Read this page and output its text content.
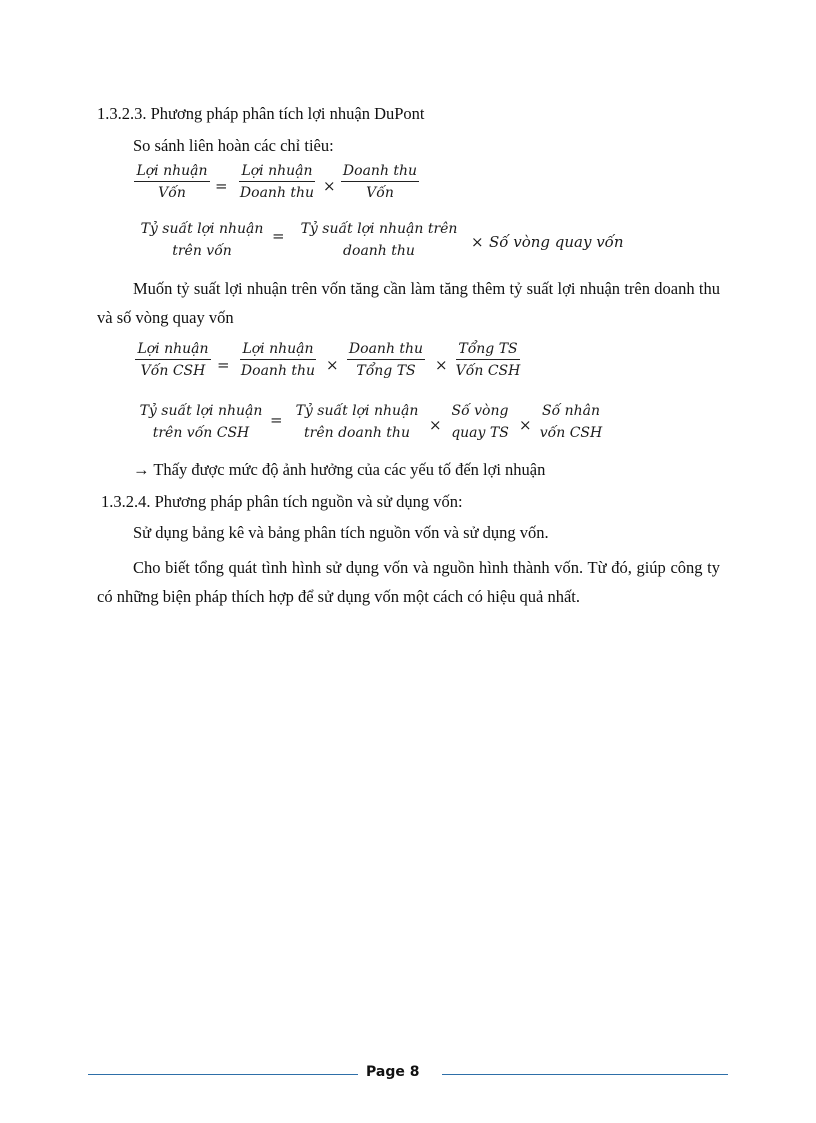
1.3.2.3. Phương pháp phân tích lợi nhuận DuPont
So sánh liên hoàn các chỉ tiêu:
Lợi nhuận
Vốn =
Lợi nhuận
Doanh thu ×
Doanh thu
Vốn
Tỷ suất lợi nhuận
trên vốn
=	Tỷ suất lợi nhuận trên
doanh thu	× Số vòng quay vốn
Muốn tỷ suất lợi nhuận trên vốn tăng cần làm tăng thêm tỷ suất lợi nhuận trên doanh thu và số vòng quay vốn
Lợi nhuận
Vốn CSH =
Lợi nhuận
Doanh thu ×
Doanh thu
Tổng TS ×
Tổng TS
Vốn CSH
Tỷ suất lợi nhuận
trên vốn CSH
= Tỷ suất lợi nhuận
trên doanh thu	×
Số vòng
quay TS ×
Số nhân
vốn CSH
→ Thấy được mức độ ảnh hưởng của các yếu tố đến lợi nhuận
1.3.2.4. Phương pháp phân tích nguồn và sử dụng vốn:
Sử dụng bảng kê và bảng phân tích nguồn vốn và sử dụng vốn.
Cho biết tổng quát tình hình sử dụng vốn và nguồn hình thành vốn. Từ đó, giúp công ty có những biện pháp thích hợp để sử dụng vốn một cách có hiệu quả nhất.
Page 8
